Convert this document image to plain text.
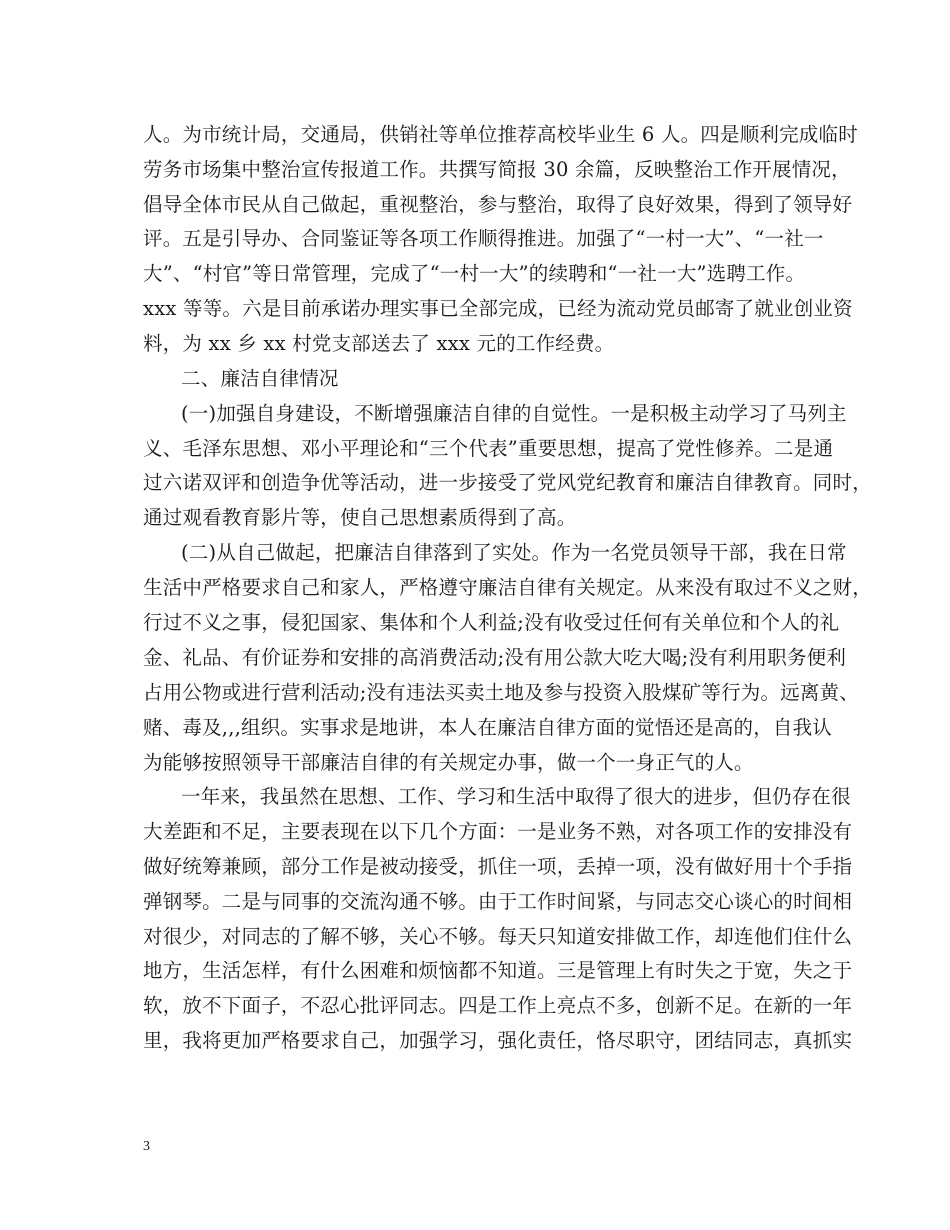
人。为市统计局，交通局，供销社等单位推荐高校毕业生 6 人。四是顺利完成临时
劳务市场集中整治宣传报道工作。共撰写简报 30 余篇，反映整治工作开展情况，
倡导全体市民从自己做起，重视整治，参与整治，取得了良好效果，得到了领导好
评。五是引导办、合同鉴证等各项工作顺得推进。加强了“一村一大”、“一社一
大”、“村官”等日常管理，完成了“一村一大”的续聘和“一社一大”选聘工作。
xxx 等等。六是目前承诺办理实事已全部完成，已经为流动党员邮寄了就业创业资
料，为 xx 乡 xx 村党支部送去了 xxx 元的工作经费。
二、廉洁自律情况
(一)加强自身建设，不断增强廉洁自律的自觉性。一是积极主动学习了马列主
义、毛泽东思想、邓小平理论和“三个代表”重要思想，提高了党性修养。二是通
过六诺双评和创造争优等活动，进一步接受了党风党纪教育和廉洁自律教育。同时，
通过观看教育影片等，使自己思想素质得到了高。
(二)从自己做起，把廉洁自律落到了实处。作为一名党员领导干部，我在日常
生活中严格要求自己和家人，严格遵守廉洁自律有关规定。从来没有取过不义之财，
行过不义之事，侵犯国家、集体和个人利益;没有收受过任何有关单位和个人的礼
金、礼品、有价证券和安排的高消费活动;没有用公款大吃大喝;没有利用职务便利
占用公物或进行营利活动;没有违法买卖土地及参与投资入股煤矿等行为。远离黄、
赌、毒及,,,组织。实事求是地讲，本人在廉洁自律方面的觉悟还是高的，自我认
为能够按照领导干部廉洁自律的有关规定办事，做一个一身正气的人。
一年来，我虽然在思想、工作、学习和生活中取得了很大的进步，但仍存在很
大差距和不足，主要表现在以下几个方面：一是业务不熟，对各项工作的安排没有
做好统筹兼顾，部分工作是被动接受，抓住一项，丢掉一项，没有做好用十个手指
弹钢琴。二是与同事的交流沟通不够。由于工作时间紧，与同志交心谈心的时间相
对很少，对同志的了解不够，关心不够。每天只知道安排做工作，却连他们住什么
地方，生活怎样，有什么困难和烦恼都不知道。三是管理上有时失之于宽，失之于
软，放不下面子，不忍心批评同志。四是工作上亮点不多，创新不足。在新的一年
里，我将更加严格要求自己，加强学习，强化责任，恪尽职守，团结同志，真抓实
3
